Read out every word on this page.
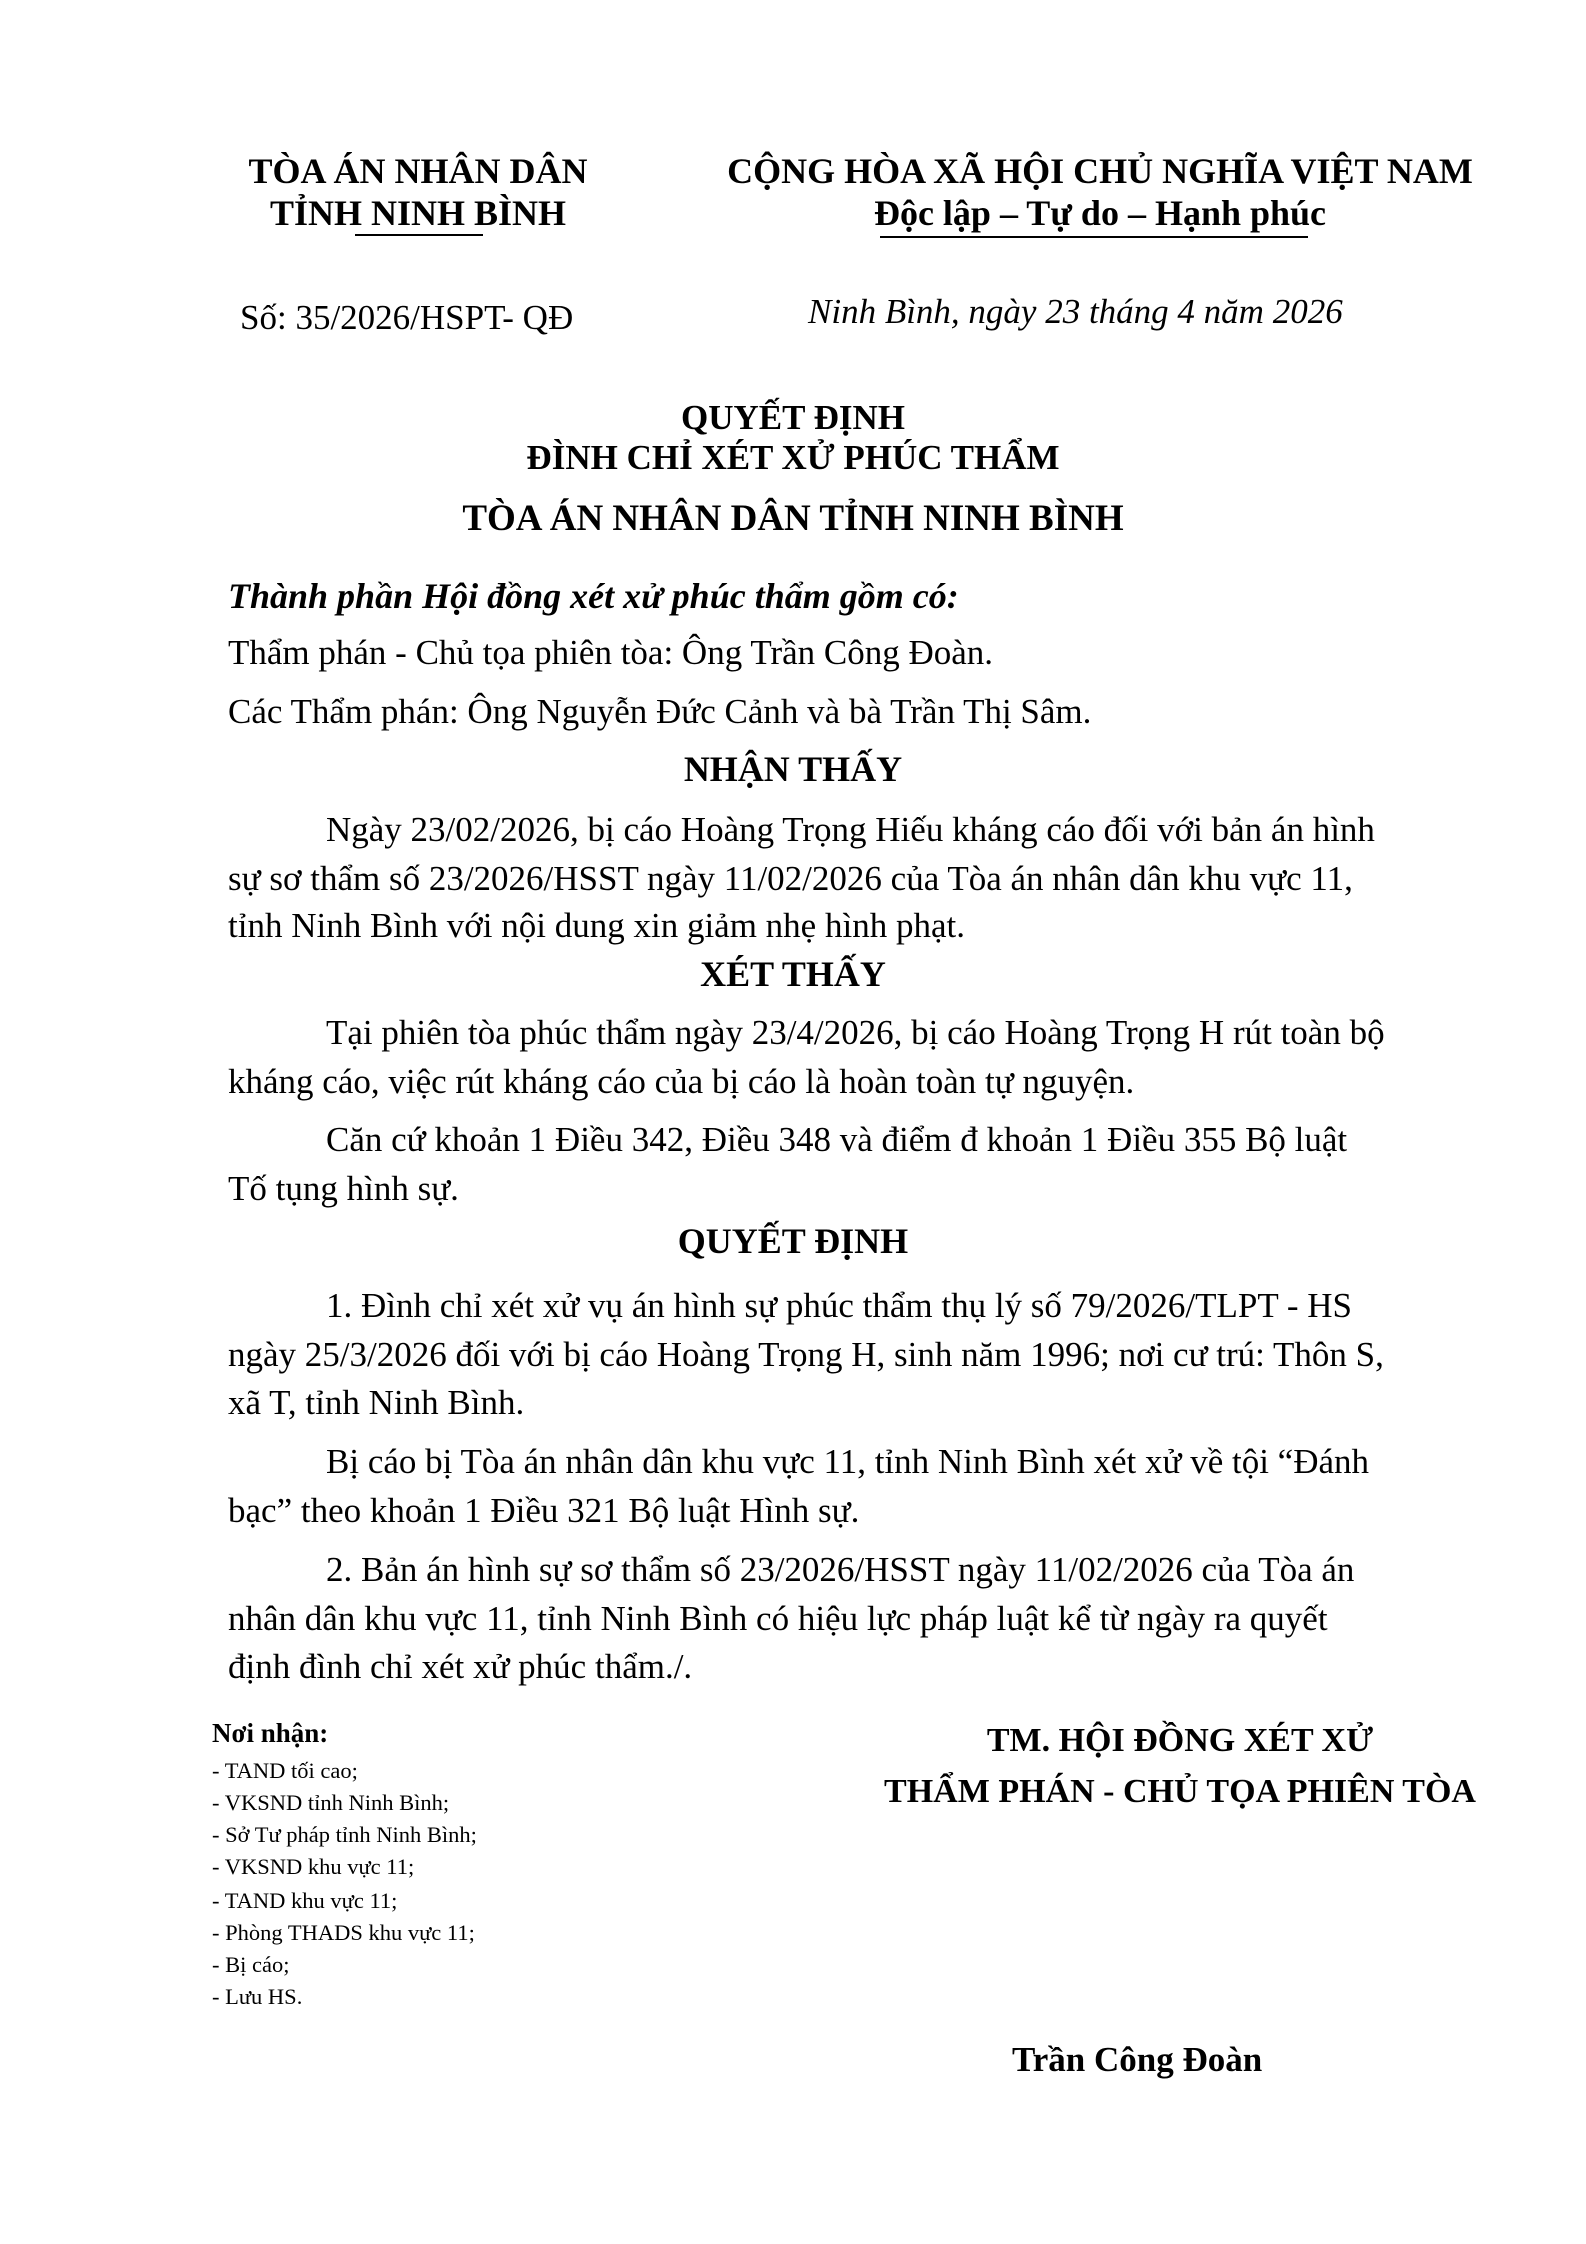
TÒA ÁN NHÂN DÂN
TỈNH NINH BÌNH
CỘNG HÒA XÃ HỘI CHỦ NGHĨA VIỆT NAM
Độc lập – Tự do – Hạnh phúc
Số: 35/2026/HSPT- QĐ	Ninh Bình, ngày 23 tháng 4 năm 2026
QUYẾT ĐỊNH
ĐÌNH CHỈ XÉT XỬ PHÚC THẨM
TÒA ÁN NHÂN DÂN TỈNH NINH BÌNH
Thành phần Hội đồng xét xử phúc thẩm gồm có:
Thẩm phán - Chủ tọa phiên tòa: Ông Trần Công Đoàn.
Các Thẩm phán: Ông Nguyễn Đức Cảnh và bà Trần Thị Sâm.
NHẬN THẤY
Ngày 23/02/2026, bị cáo Hoàng Trọng Hiếu kháng cáo đối với bản án hình
sự sơ thẩm số 23/2026/HSST ngày 11/02/2026 của Tòa án nhân dân khu vực 11,
tỉnh Ninh Bình với nội dung xin giảm nhẹ hình phạt.
XÉT THẤY
Tại phiên tòa phúc thẩm ngày 23/4/2026, bị cáo Hoàng Trọng H rút toàn bộ
kháng cáo, việc rút kháng cáo của bị cáo là hoàn toàn tự nguyện.
Căn cứ khoản 1 Điều 342, Điều 348 và điểm đ khoản 1 Điều 355 Bộ luật
Tố tụng hình sự.
QUYẾT ĐỊNH
1. Đình chỉ xét xử vụ án hình sự phúc thẩm thụ lý số 79/2026/TLPT - HS
ngày 25/3/2026 đối với bị cáo Hoàng Trọng H, sinh năm 1996; nơi cư trú: Thôn S,
xã T, tỉnh Ninh Bình.
Bị cáo bị Tòa án nhân dân khu vực 11, tỉnh Ninh Bình xét xử về tội “Đánh
bạc” theo khoản 1 Điều 321 Bộ luật Hình sự.
2. Bản án hình sự sơ thẩm số 23/2026/HSST ngày 11/02/2026 của Tòa án
nhân dân khu vực 11, tỉnh Ninh Bình có hiệu lực pháp luật kể từ ngày ra quyết
định đình chỉ xét xử phúc thẩm./.
Nơi nhận:
- TAND tối cao;
- VKSND tỉnh Ninh Bình;
- Sở Tư pháp tỉnh Ninh Bình;
- VKSND khu vực 11;
- TAND khu vực 11;
- Phòng THADS khu vực 11;
- Bị cáo;
- Lưu HS.
TM. HỘI ĐỒNG XÉT XỬ
THẨM PHÁN - CHỦ TỌA PHIÊN TÒA
Trần Công Đoàn
